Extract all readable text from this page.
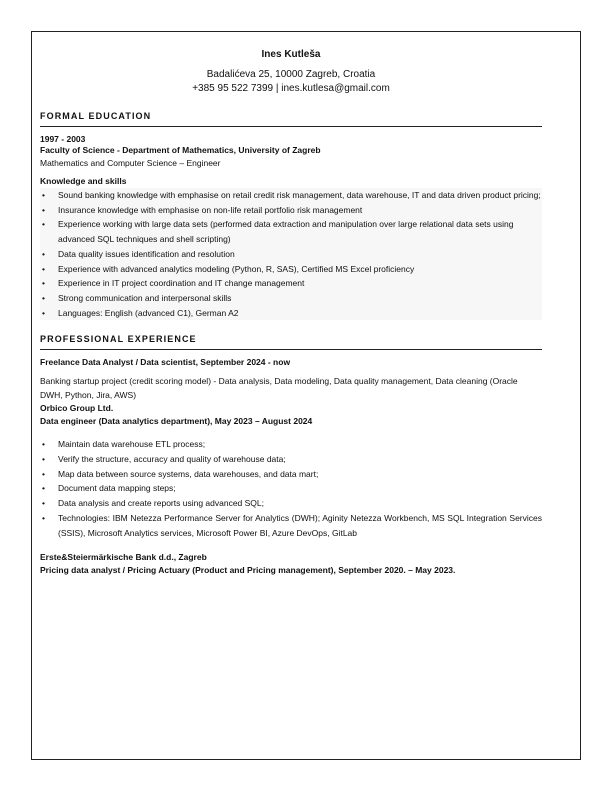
Ines Kutleša
Badalićeva 25, 10000 Zagreb, Croatia
+385 95 522 7399 | ines.kutlesa@gmail.com
FORMAL EDUCATION
1997 - 2003
Faculty of Science - Department of Mathematics, University of Zagreb
Mathematics and Computer Science – Engineer
Knowledge and skills
• Sound banking knowledge with emphasise on retail credit risk management, data warehouse, IT and data driven product pricing;
• Insurance knowledge with emphasise on non-life retail portfolio risk management
• Experience working with large data sets (performed data extraction and manipulation over large relational data sets using advanced SQL techniques and shell scripting)
• Data quality issues identification and resolution
• Experience with advanced analytics modeling (Python, R, SAS), Certified MS Excel proficiency
• Experience in IT project coordination and IT change management
• Strong communication and interpersonal skills
• Languages: English (advanced C1), German A2
PROFESSIONAL EXPERIENCE
Freelance Data Analyst / Data scientist, September 2024 - now
Banking startup project (credit scoring model) - Data analysis, Data modeling, Data quality management, Data cleaning (Oracle DWH, Python, Jira, AWS)
Orbico Group Ltd.
Data engineer (Data analytics department), May 2023 – August 2024
• Maintain data warehouse ETL process;
• Verify the structure, accuracy and quality of warehouse data;
• Map data between source systems, data warehouses, and data mart;
• Document data mapping steps;
• Data analysis and create reports using advanced SQL;
• Technologies: IBM Netezza Performance Server for Analytics (DWH); Aginity Netezza Workbench, MS SQL Integration Services (SSIS), Microsoft Analytics services, Microsoft Power BI, Azure DevOps, GitLab
Erste&Steiermärkische Bank d.d., Zagreb
Pricing data analyst / Pricing Actuary (Product and Pricing management), September 2020. – May 2023.
